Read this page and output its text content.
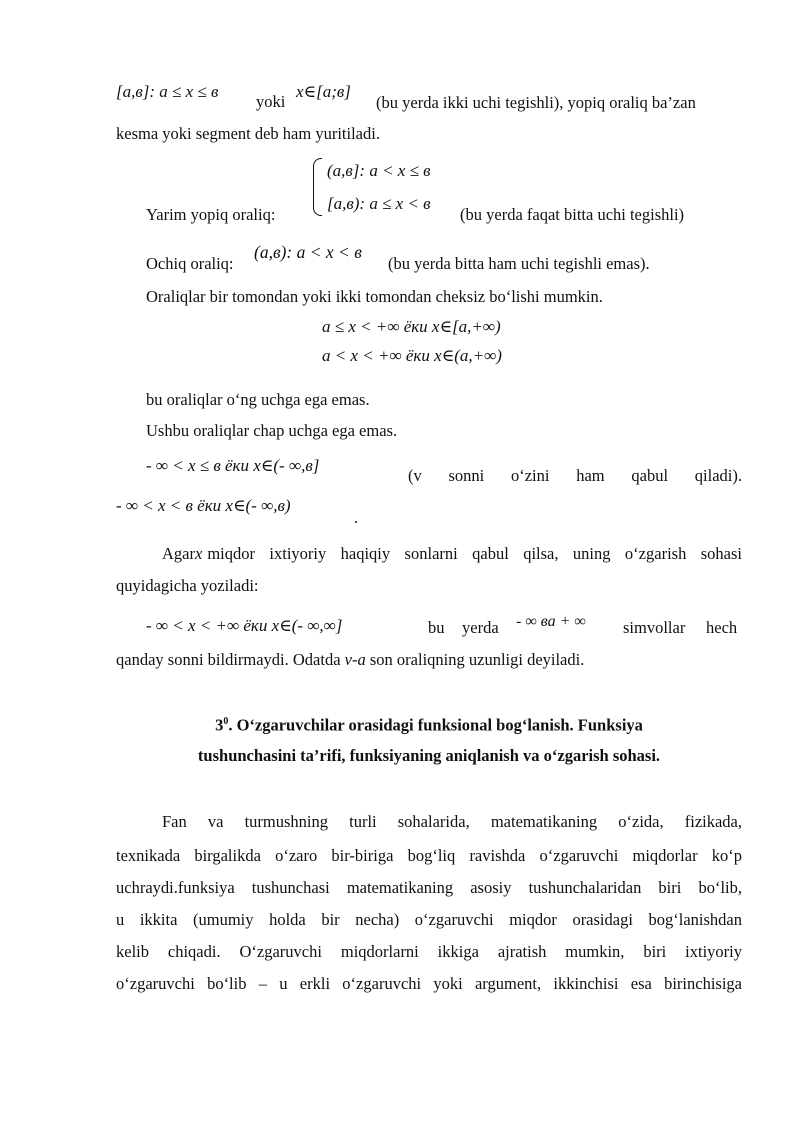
[a,в]: a ≤ x ≤ в
yoki
x∈[a;в]
(bu yerda ikki uchi tegishli), yopiq oraliq ba’zan
kesma yoki segment deb ham yuritiladi.
(a,в]: a < x ≤ в
[a,в): a ≤ x < в
Yarim yopiq oraliq:	(bu yerda faqat bitta uchi tegishli)
Ochiq oraliq:
(a,в): a < x < в
(bu yerda bitta ham uchi tegishli emas).
Oraliqlar bir tomondan yoki ikki tomondan cheksiz bo‘lishi mumkin.
a ≤ x < +∞ ёки x∈[a,+∞)
a < x < +∞ ёки x∈(a,+∞)
bu oraliqlar o‘ng uchga ega emas.
Ushbu oraliqlar chap uchga ega emas.
- ∞ < x ≤ в ёки x∈(- ∞,в]
(v sonni o‘zini ham qabul qiladi).
- ∞ < x < в ёки x∈(- ∞,в)
.
Agar x miqdor ixtiyoriy haqiqiy sonlarni qabul qilsa, uning o‘zgarish sohasi
quyidagicha yoziladi:
- ∞ < x < +∞ ёки x∈(- ∞,∞]	bu yerda - ∞ ва + ∞ simvollar hech
qanday sonni bildirmaydi. Odatda v-a son oraliqning uzunligi deyiladi.
$3^0$. O‘zgaruvchilar orasidagi funksional bog‘lanish. Funksiya
tushunchasini ta’rifi, funksiyaning aniqlanish va o‘zgarish sohasi.
Fan va turmushning turli sohalarida, matematikaning o‘zida, fizikada,
texnikada birgalikda o‘zaro bir-biriga bog‘liq ravishda o‘zgaruvchi miqdorlar ko‘p
uchraydi.funksiya tushunchasi matematikaning asosiy tushunchalaridan biri bo‘lib,
u ikkita (umumiy holda bir necha) o‘zgaruvchi miqdor orasidagi bog‘lanishdan
kelib chiqadi. O‘zgaruvchi miqdorlarni ikkiga ajratish mumkin, biri ixtiyoriy
o‘zgaruvchi bo‘lib – u erkli o‘zgaruvchi yoki argument, ikkinchisi esa birinchisiga
